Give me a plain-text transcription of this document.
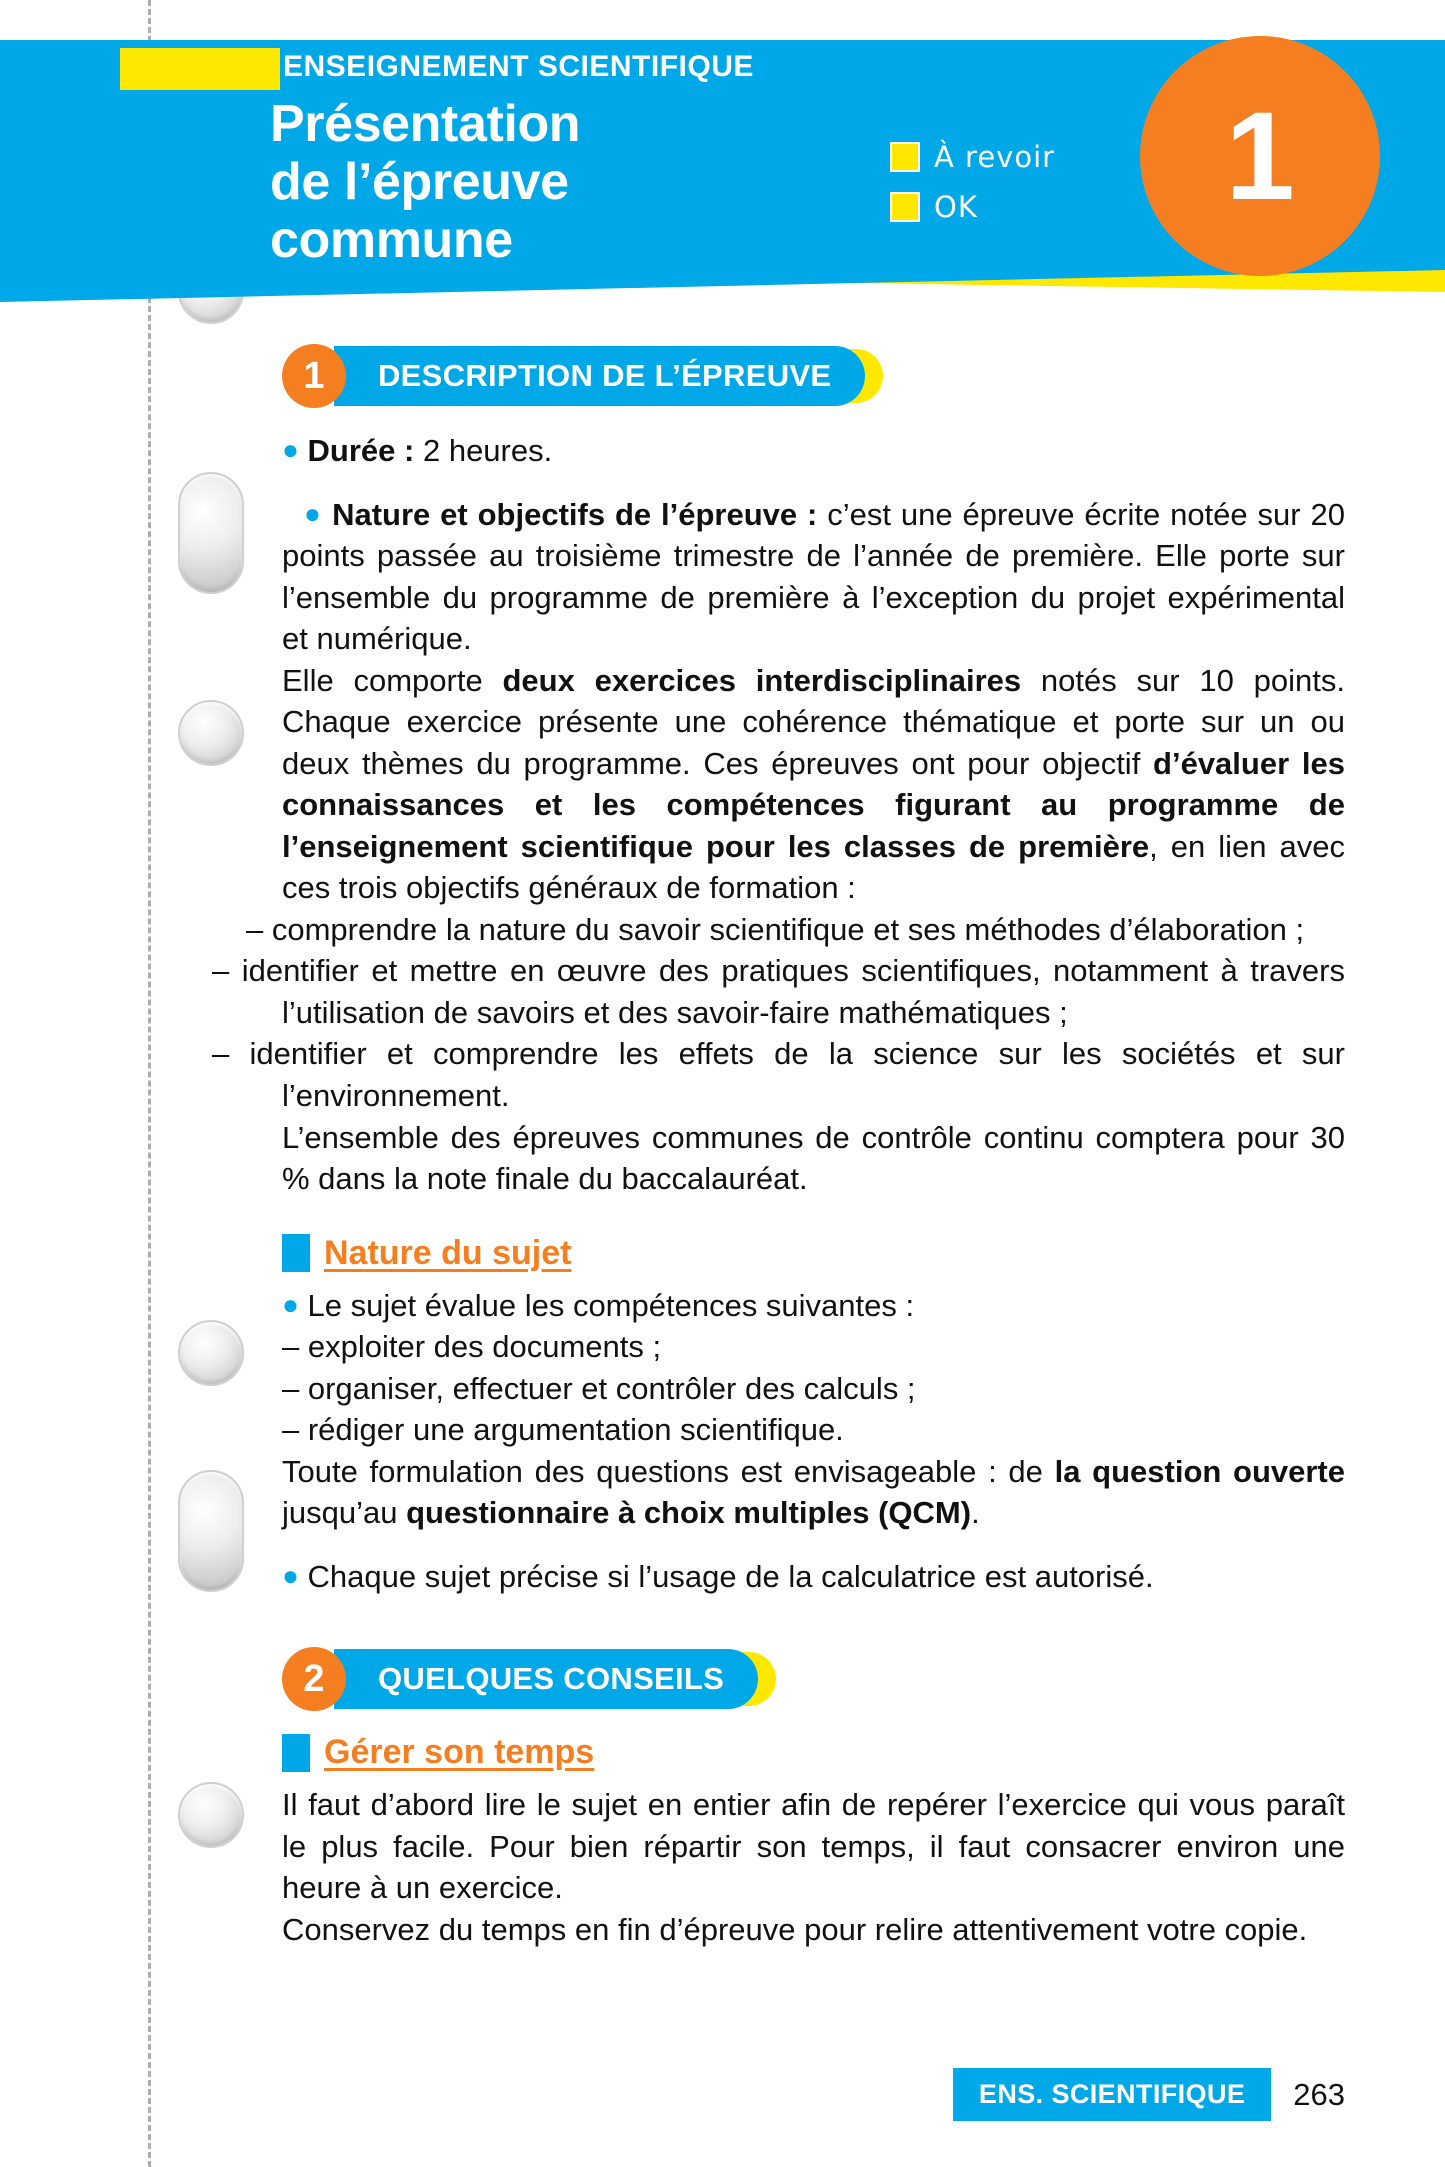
ENSEIGNEMENT SCIENTIFIQUE
Présentation
de l’épreuve
commune
À revoir
OK	1
1	DESCRIPTION DE L’ÉPREUVE

● Durée : 2 heures.

● Nature et objectifs de l’épreuve : c’est une épreuve écrite notée sur 20 points passée au troisième trimestre de l’année de première. Elle porte sur l’ensemble du programme de première à l’exception du projet expérimental et numérique.

Elle comporte deux exercices interdisciplinaires notés sur 10 points. Chaque exercice présente une cohérence thématique et porte sur un ou deux thèmes du programme. Ces épreuves ont pour objectif d’évaluer les connaissances et les compétences figurant au programme de l’enseignement scientifique pour les classes de première, en lien avec ces trois objectifs généraux de formation :

– comprendre la nature du savoir scientifique et ses méthodes d’élaboration ;

– identifier et mettre en œuvre des pratiques scientifiques, notamment à travers l’utilisation de savoirs et des savoir-faire mathématiques ;

– identifier et comprendre les effets de la science sur les sociétés et sur l’environnement.

L’ensemble des épreuves communes de contrôle continu comptera pour 30 % dans la note finale du baccalauréat.

Nature du sujet

● Le sujet évalue les compétences suivantes :

– exploiter des documents ;

– organiser, effectuer et contrôler des calculs ;

– rédiger une argumentation scientifique.

Toute formulation des questions est envisageable : de la question ouverte jusqu’au questionnaire à choix multiples (QCM).

● Chaque sujet précise si l’usage de la calculatrice est autorisé.

2	QUELQUES CONSEILS
Gérer son temps

Il faut d’abord lire le sujet en entier afin de repérer l’exercice qui vous paraît le plus facile. Pour bien répartir son temps, il faut consacrer environ une heure à un exercice.

Conservez du temps en fin d’épreuve pour relire attentivement votre copie.

ENS. SCIENTIFIQUE	263
